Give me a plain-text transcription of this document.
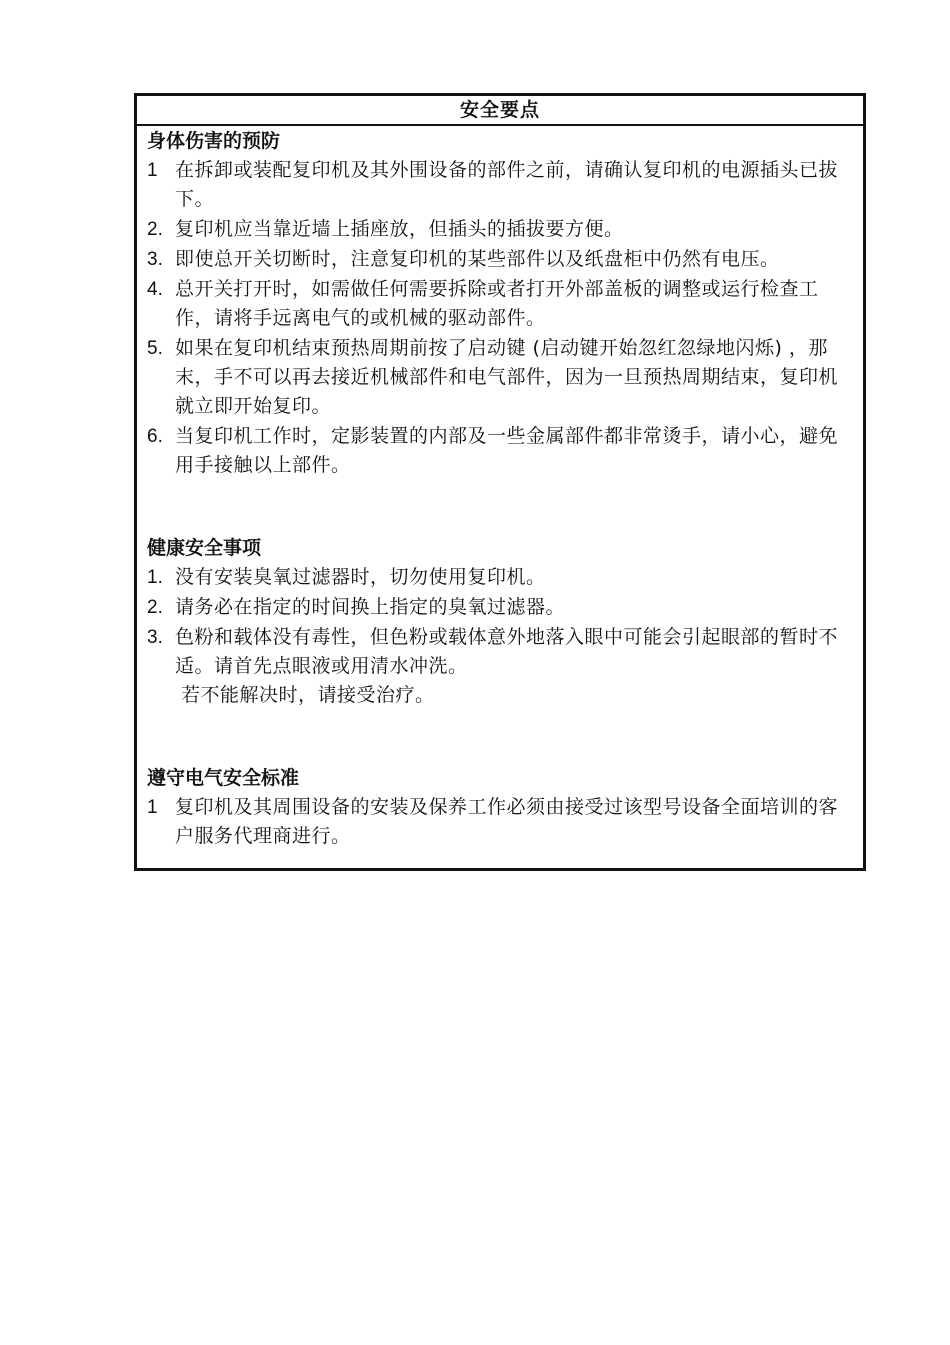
安全要点
身体伤害的预防
1 在拆卸或装配复印机及其外围设备的部件之前，请确认复印机的电源插头已拔下。
2. 复印机应当靠近墙上插座放，但插头的插拔要方便。
3. 即使总开关切断时，注意复印机的某些部件以及纸盘柜中仍然有电压。
4. 总开关打开时，如需做任何需要拆除或者打开外部盖板的调整或运行检查工作，请将手远离电气的或机械的驱动部件。
5. 如果在复印机结束预热周期前按了启动键 (启动键开始忽红忽绿地闪烁) ，那末，手不可以再去接近机械部件和电气部件，因为一旦预热周期结束，复印机就立即开始复印。
6. 当复印机工作时，定影装置的内部及一些金属部件都非常烫手，请小心，避免用手接触以上部件。
健康安全事项
1. 没有安装臭氧过滤器时，切勿使用复印机。
2. 请务必在指定的时间换上指定的臭氧过滤器。
3. 色粉和载体没有毒性，但色粉或载体意外地落入眼中可能会引起眼部的暂时不适。请首先点眼液或用清水冲洗。
若不能解决时，请接受治疗。
遵守电气安全标准
1 复印机及其周围设备的安装及保养工作必须由接受过该型号设备全面培训的客户服务代理商进行。
